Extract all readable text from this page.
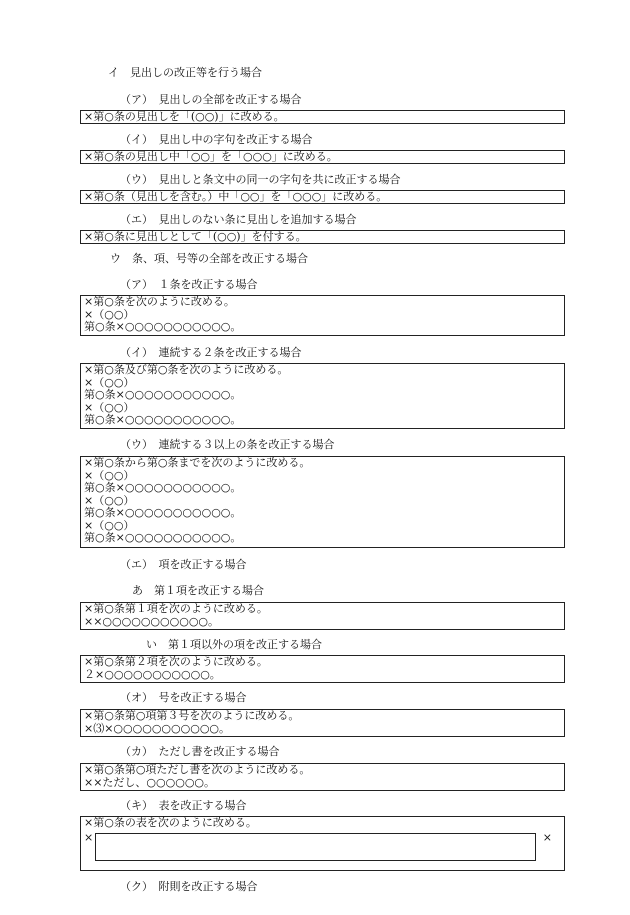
イ　見出しの改正等を行う場合
（ア）　見出しの全部を改正する場合
×第○条の見出しを「(○○)」に改める。
（イ）　見出し中の字句を改正する場合
×第○条の見出し中「○○」を「○○○」に改める。
（ウ）　見出しと条文中の同一の字句を共に改正する場合
×第○条（見出しを含む。）中「○○」を「○○○」に改める。
（エ）　見出しのない条に見出しを追加する場合
×第○条に見出しとして「(○○)」を付する。
ウ　条、項、号等の全部を改正する場合
（ア）　１条を改正する場合
×第○条を次のように改める。
×（○○）
第○条×○○○○○○○○○○○。
（イ）　連続する２条を改正する場合
×第○条及び第○条を次のように改める。
×（○○）
第○条×○○○○○○○○○○○。
×（○○）
第○条×○○○○○○○○○○○。
（ウ）　連続する３以上の条を改正する場合
×第○条から第○条までを次のように改める。
×（○○）
第○条×○○○○○○○○○○○。
×（○○）
第○条×○○○○○○○○○○○。
×（○○）
第○条×○○○○○○○○○○○。
（エ）　項を改正する場合
あ　第１項を改正する場合
×第○条第１項を次のように改める。
××○○○○○○○○○○○。
い　第１項以外の項を改正する場合
×第○条第２項を次のように改める。
２×○○○○○○○○○○○。
（オ）　号を改正する場合
×第○条第○項第３号を次のように改める。
×⑶×○○○○○○○○○○○。
（カ）　ただし書を改正する場合
×第○条第○項ただし書を次のように改める。
××ただし、○○○○○○。
（キ）　表を改正する場合
×第○条の表を次のように改める。
×	×
（ク）　附則を改正する場合
